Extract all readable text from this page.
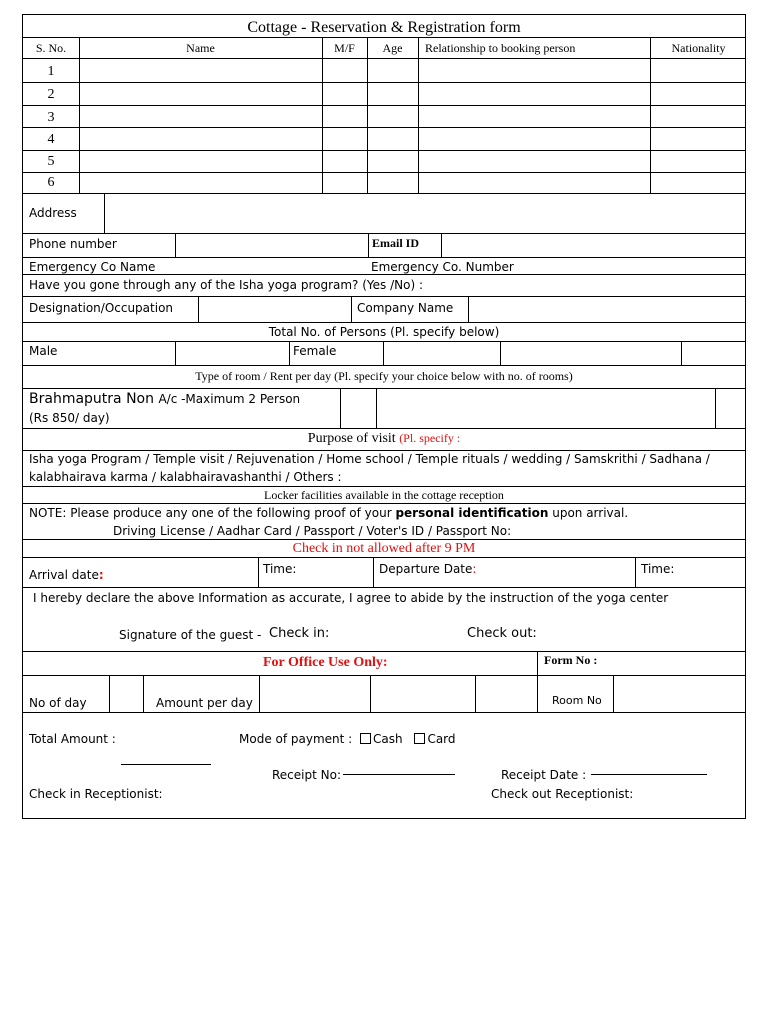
Cottage - Reservation & Registration form
S. No.	Name	M/F	Age	Relationship to booking person	Nationality
1
2
3
4
5
6
Address
Phone number	Email ID
Emergency Co Name	Emergency Co. Number
Have you gone through any of the Isha yoga program? (Yes /No) :
Designation/Occupation	Company Name
Total No. of Persons (Pl. specify below)
Male	Female
Type of room / Rent per day (Pl. specify your choice below with no. of rooms)
Brahmaputra Non A/c -Maximum 2 Person
(Rs 850/ day)
Purpose of visit (Pl. specify :
Isha yoga Program / Temple visit / Rejuvenation / Home school / Temple rituals / wedding / Samskrithi / Sadhana /
kalabhairava karma / kalabhairavashanthi / Others :
Locker facilities available in the cottage reception
NOTE: Please produce any one of the following proof of your personal identification upon arrival.
Driving License / Aadhar Card / Passport / Voter's ID / Passport No:
Check in not allowed after 9 PM
Arrival date:	Time:	Departure Date:	Time:
I hereby declare the above Information as accurate, I agree to abide by the instruction of the yoga center
Signature of the guest - Check in:	Check out:
For Office Use Only:	Form No :
No of day	Amount per day	Room No
Total Amount :	Mode of payment : Cash Card
Receipt No:	Receipt Date :
Check in Receptionist:	Check out Receptionist:
